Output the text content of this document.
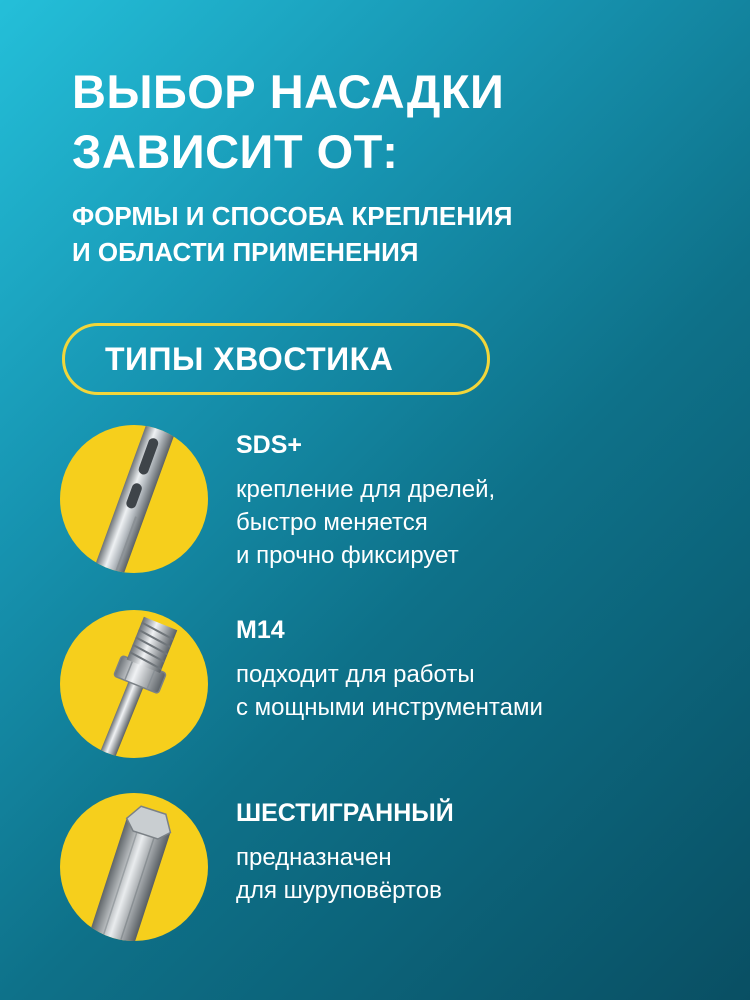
ВЫБОР НАСАДКИ
ЗАВИСИТ ОТ:
ФОРМЫ И СПОСОБА КРЕПЛЕНИЯ
И ОБЛАСТИ ПРИМЕНЕНИЯ
ТИПЫ ХВОСТИКА
SDS+
крепление для дрелей,
быстро меняется
и прочно фиксирует
М14
подходит для работы
с мощными инструментами
ШЕСТИГРАННЫЙ
предназначен
для шуруповёртов
